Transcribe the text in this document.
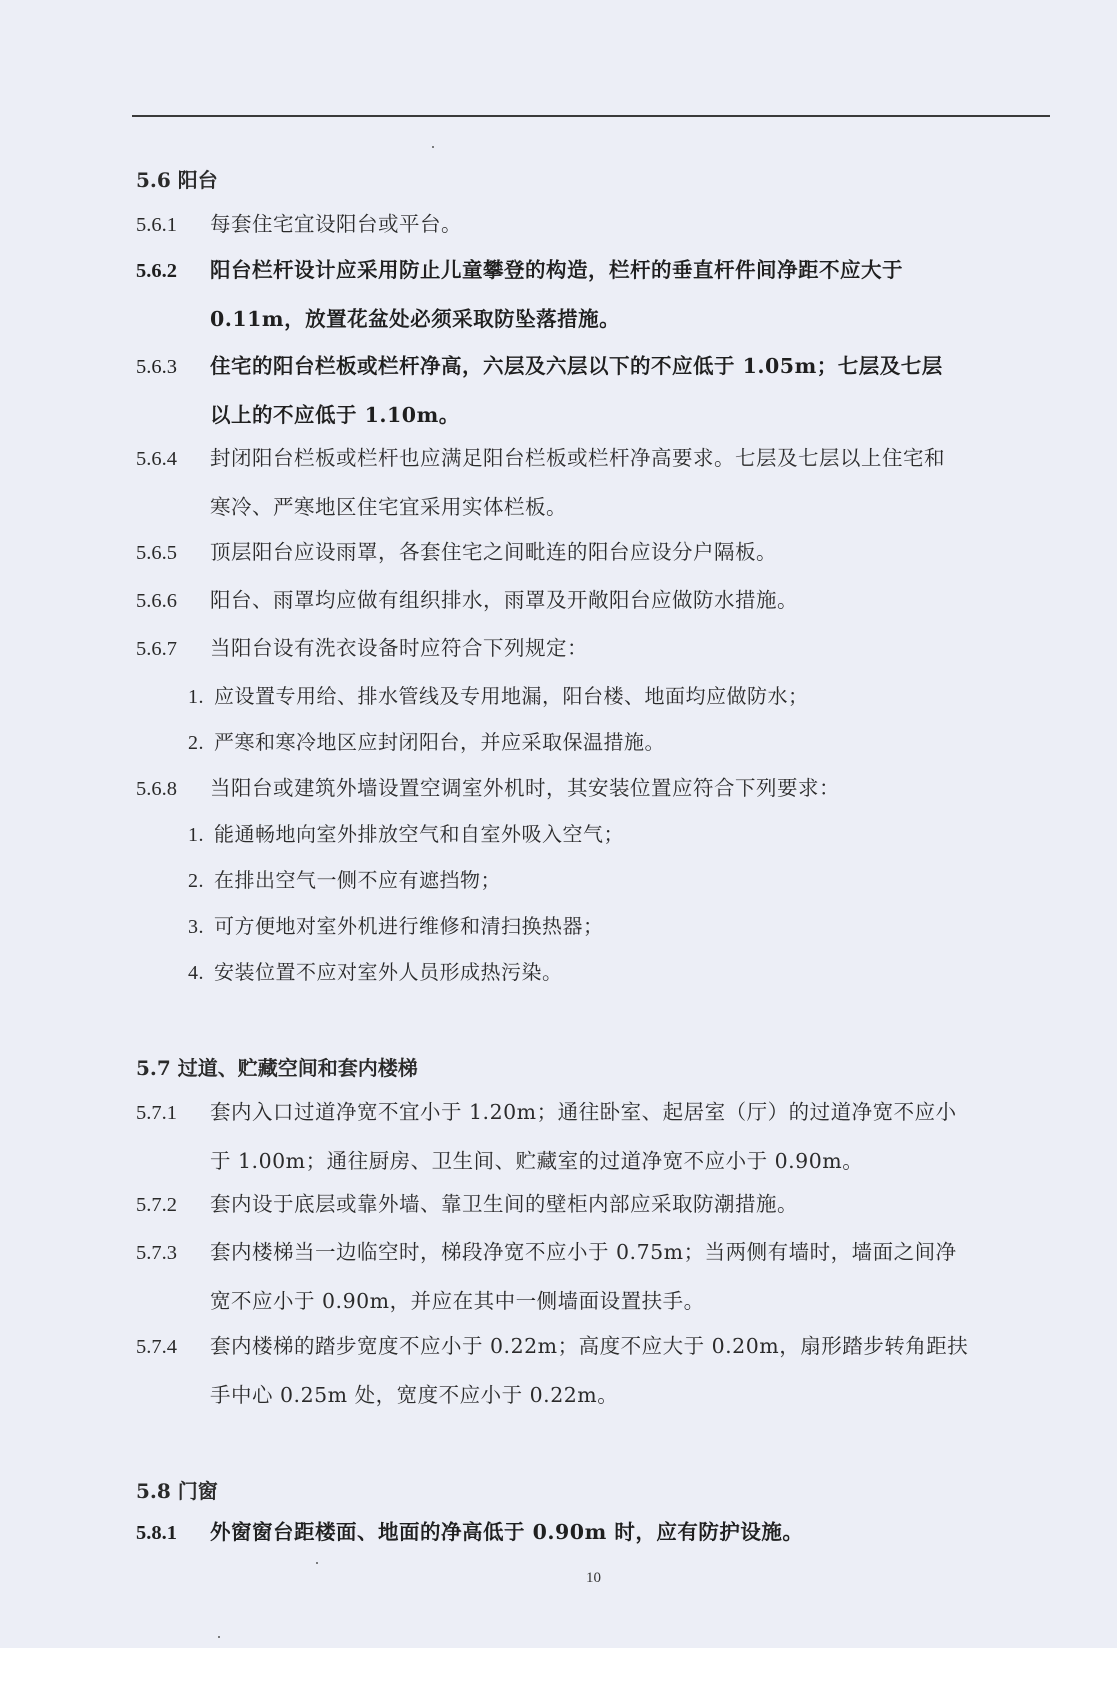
5.6 阳台
5.6.1 每套住宅宜设阳台或平台。
5.6.2 阳台栏杆设计应采用防止儿童攀登的构造，栏杆的垂直杆件间净距不应大于
0.11m，放置花盆处必须采取防坠落措施。
5.6.3 住宅的阳台栏板或栏杆净高，六层及六层以下的不应低于 1.05m；七层及七层
以上的不应低于 1.10m。
5.6.4 封闭阳台栏板或栏杆也应满足阳台栏板或栏杆净高要求。七层及七层以上住宅和
寒冷、严寒地区住宅宜采用实体栏板。
5.6.5 顶层阳台应设雨罩，各套住宅之间毗连的阳台应设分户隔板。
5.6.6 阳台、雨罩均应做有组织排水，雨罩及开敞阳台应做防水措施。
5.6.7 当阳台设有洗衣设备时应符合下列规定：
1. 应设置专用给、排水管线及专用地漏，阳台楼、地面均应做防水；
2. 严寒和寒冷地区应封闭阳台，并应采取保温措施。
5.6.8 当阳台或建筑外墙设置空调室外机时，其安装位置应符合下列要求：
1. 能通畅地向室外排放空气和自室外吸入空气；
2. 在排出空气一侧不应有遮挡物；
3. 可方便地对室外机进行维修和清扫换热器；
4. 安装位置不应对室外人员形成热污染。
5.7 过道、贮藏空间和套内楼梯
5.7.1 套内入口过道净宽不宜小于 1.20m；通往卧室、起居室（厅）的过道净宽不应小
于 1.00m；通往厨房、卫生间、贮藏室的过道净宽不应小于 0.90m。
5.7.2 套内设于底层或靠外墙、靠卫生间的壁柜内部应采取防潮措施。
5.7.3 套内楼梯当一边临空时，梯段净宽不应小于 0.75m；当两侧有墙时，墙面之间净
宽不应小于 0.90m，并应在其中一侧墙面设置扶手。
5.7.4 套内楼梯的踏步宽度不应小于 0.22m；高度不应大于 0.20m，扇形踏步转角距扶
手中心 0.25m 处，宽度不应小于 0.22m。
5.8 门窗
5.8.1 外窗窗台距楼面、地面的净高低于 0.90m 时，应有防护设施。
10
